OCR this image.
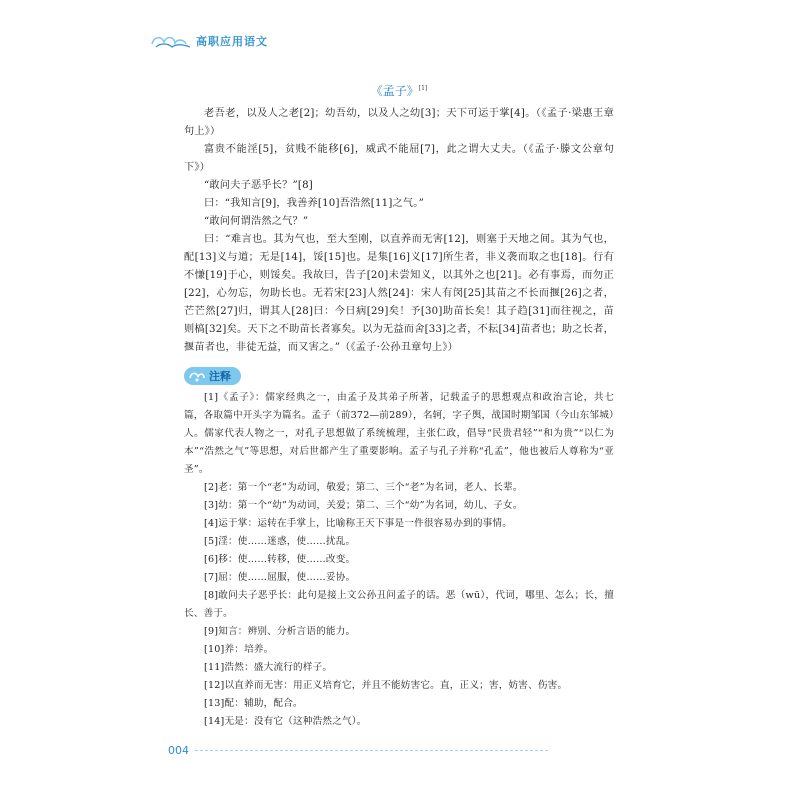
高职应用语文
《孟子》[1]

老吾老，以及人之老[2]；幼吾幼，以及人之幼[3]；天下可运于掌[4]。（《孟子·梁惠王章句上》）

富贵不能淫[5]，贫贱不能移[6]，威武不能屈[7]，此之谓大丈夫。（《孟子·滕文公章句下》）

“敢问夫子恶乎长？”[8]

曰：“我知言[9]，我善养[10]吾浩然[11]之气。”

“敢问何谓浩然之气？”

曰：“难言也。其为气也，至大至刚，以直养而无害[12]，则塞于天地之间。其为气也，配[13]义与道；无是[14]，馁[15]也。是集[16]义[17]所生者，非义袭而取之也[18]。行有不慊[19]于心，则馁矣。我故曰，告子[20]未尝知义，以其外之也[21]。必有事焉，而勿正[22]，心勿忘，勿助长也。无若宋[23]人然[24]：宋人有闵[25]其苗之不长而揠[26]之者，芒芒然[27]归，谓其人[28]曰：今日病[29]矣！予[30]助苗长矣！其子趋[31]而往视之，苗则槁[32]矣。天下之不助苗长者寡矣。以为无益而舍[33]之者，不耘[34]苗者也；助之长者，揠苗者也，非徒无益，而又害之。”（《孟子·公孙丑章句上》）

注释

[1]《孟子》：儒家经典之一，由孟子及其弟子所著，记载孟子的思想观点和政治言论，共七篇，各取篇中开头字为篇名。孟子（前372—前289），名轲，字子舆，战国时期邹国（今山东邹城）人。儒家代表人物之一，对孔子思想做了系统梳理，主张仁政，倡导“民贵君轻”“和为贵”“以仁为本”“浩然之气”等思想，对后世都产生了重要影响。孟子与孔子并称“孔孟”，他也被后人尊称为“亚圣”。

[2]老：第一个“老”为动词，敬爱；第二、三个“老”为名词，老人、长辈。

[3]幼：第一个“幼”为动词，关爱；第二、三个“幼”为名词，幼儿、子女。

[4]运于掌：运转在手掌上，比喻称王天下事是一件很容易办到的事情。

[5]淫：使……迷惑，使……扰乱。

[6]移：使……转移，使……改变。

[7]屈：使……屈服，使……妥协。

[8]敢问夫子恶乎长：此句是接上文公孙丑问孟子的话。恶（wū），代词，哪里、怎么；长，擅长、善于。

[9]知言：辨别、分析言语的能力。

[10]养：培养。

[11]浩然：盛大流行的样子。

[12]以直养而无害：用正义培育它，并且不能妨害它。直，正义；害，妨害、伤害。

[13]配：辅助，配合。

[14]无是：没有它（这种浩然之气）。

004
